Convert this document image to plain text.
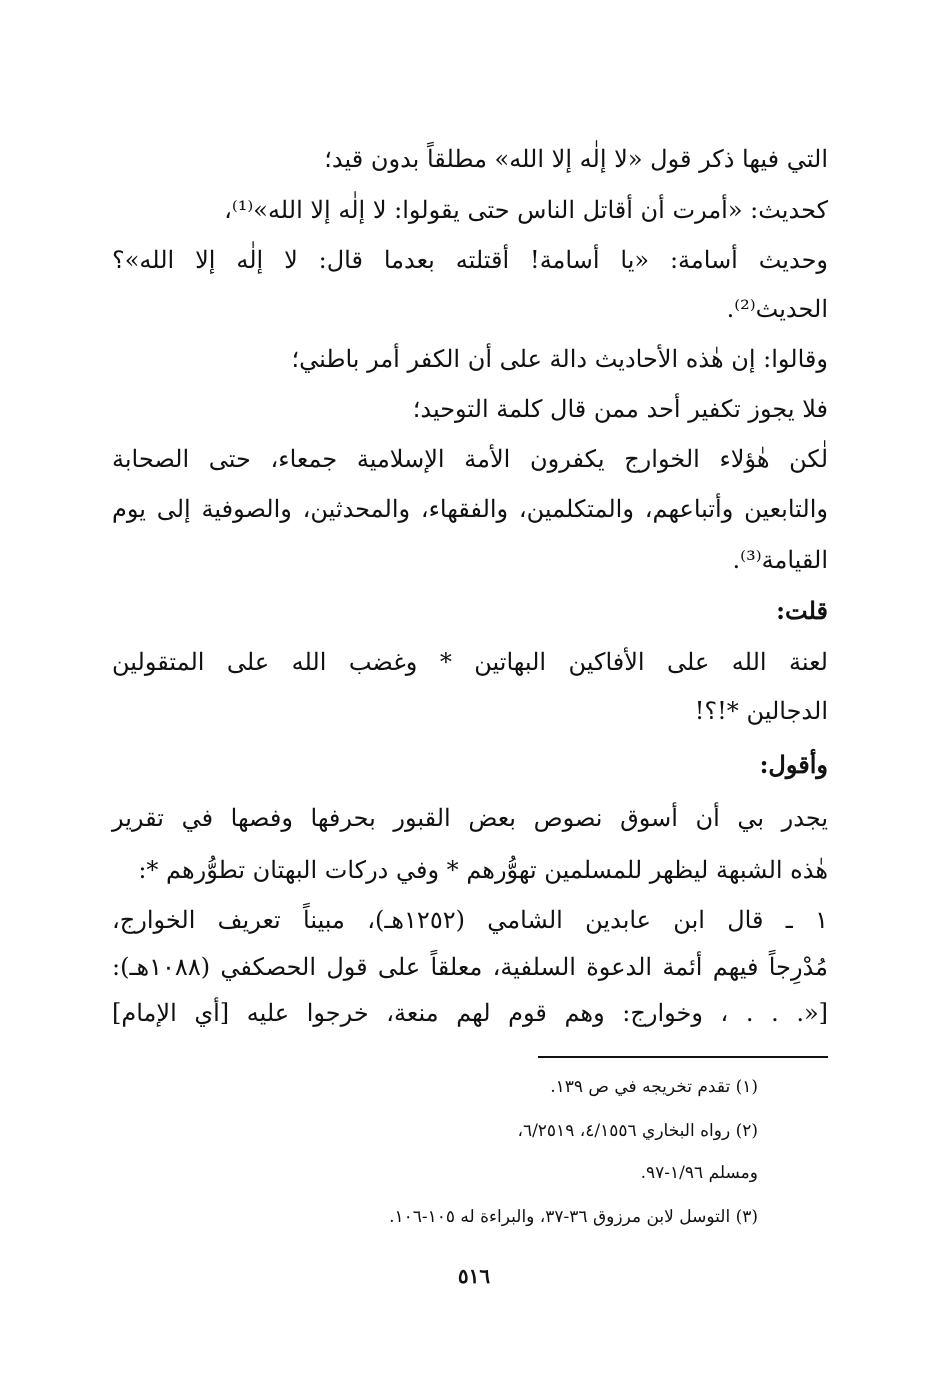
التي فيها ذكر قول «لا إلٰه إلا الله» مطلقاً بدون قيد؛
كحديث: «أمرت أن أقاتل الناس حتى يقولوا: لا إلٰه إلا الله»⁽¹⁾،
وحديث أسامة: «يا أسامة! أقتلته بعدما قال: لا إلٰه إلا الله»؟
الحديث⁽²⁾.
وقالوا: إن هٰذه الأحاديث دالة على أن الكفر أمر باطني؛
فلا يجوز تكفير أحد ممن قال كلمة التوحيد؛
لٰكن هٰؤلاء الخوارج يكفرون الأمة الإسلامية جمعاء، حتى الصحابة
والتابعين وأتباعهم، والمتكلمين، والفقهاء، والمحدثين، والصوفية إلى يوم
القيامة⁽³⁾.
قلت:
لعنة الله على الأفاكين البهاتين * وغضب الله على المتقولين
الدجالين *!؟!
وأقول:
يجدر بي أن أسوق نصوص بعض القبور بحرفها وفصها في تقرير
هٰذه الشبهة ليظهر للمسلمين تهوُّرهم * وفي دركات البهتان تطوُّرهم *:
١ ـ قال ابن عابدين الشامي (١٢٥٢هـ)، مبيناً تعريف الخوارج،
مُدْرِجاً فيهم أئمة الدعوة السلفية، معلقاً على قول الحصكفي (١٠٨٨هـ):
[«. . . ، وخوارج: وهم قوم لهم منعة، خرجوا عليه [أي الإمام]
(١) تقدم تخريجه في ص ١٣٩.
(٢) رواه البخاري ٤/١٥٥٦، ٦/٢٥١٩،
ومسلم ١/٩٦-٩٧.
(٣) التوسل لابن مرزوق ٣٦-٣٧، والبراءة له ١٠٥-١٠٦.
٥١٦
